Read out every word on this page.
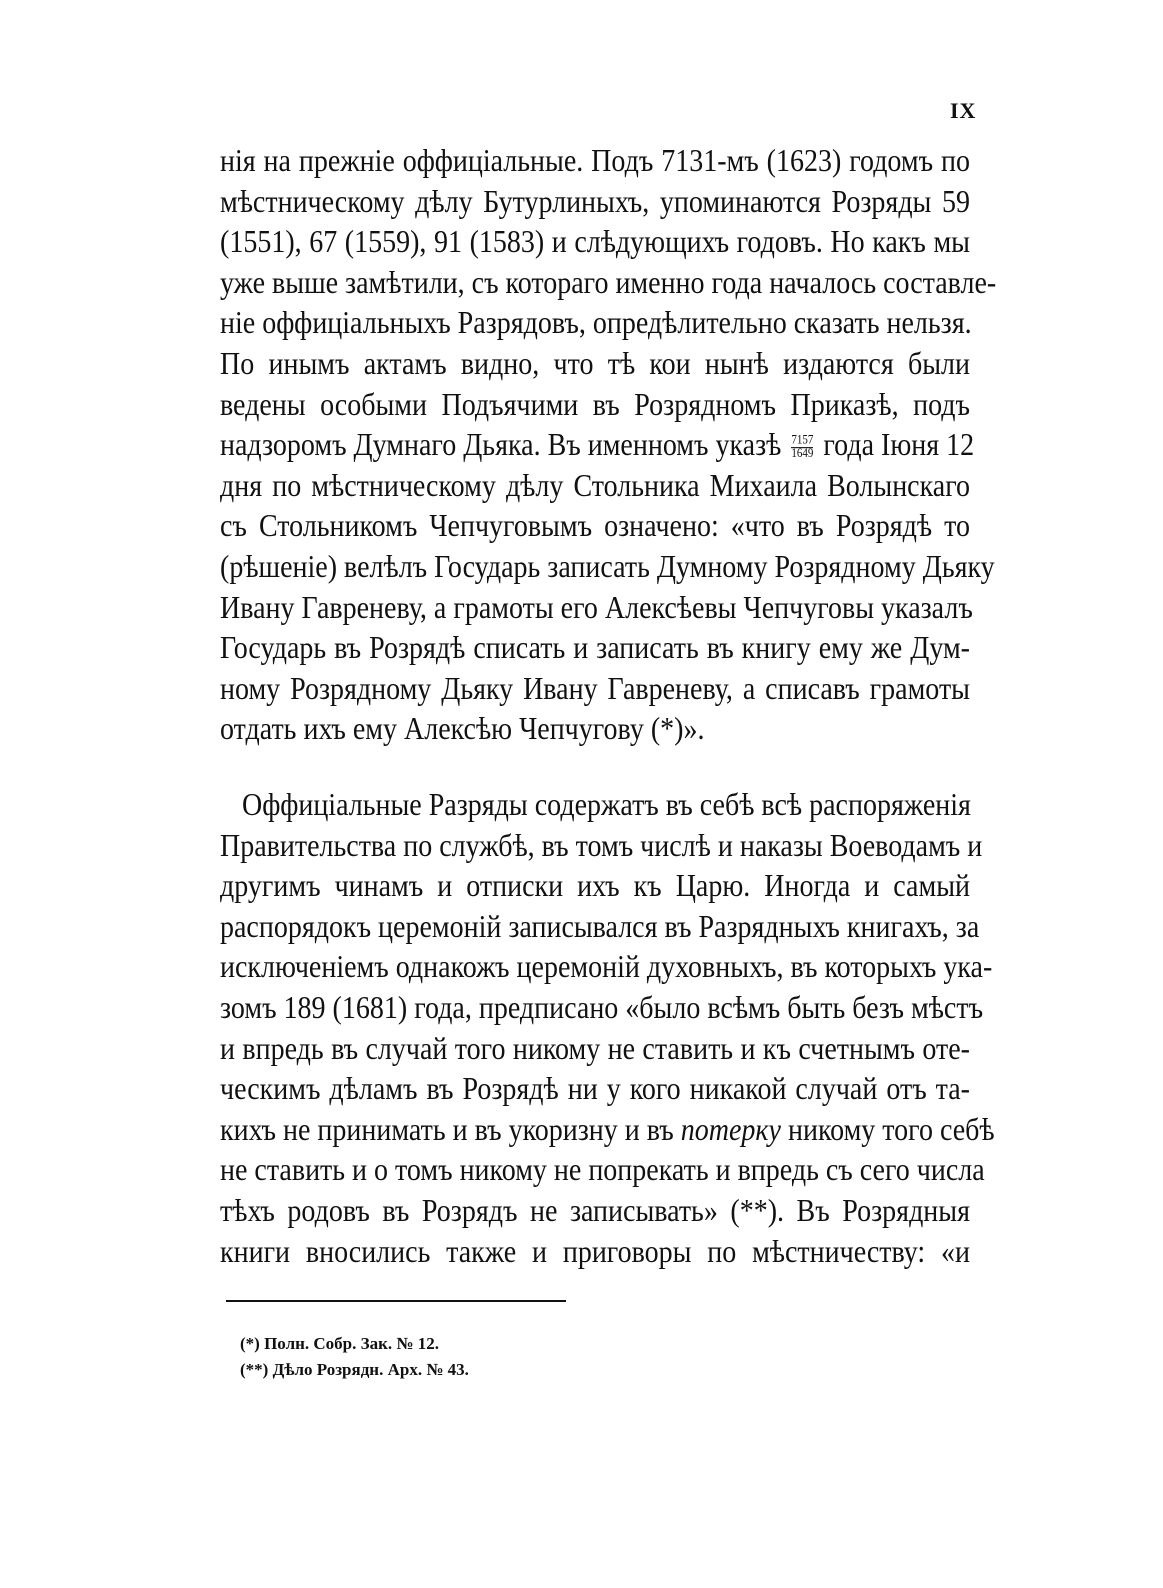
IX
нія на прежніе оффиціальные. Подъ 7131-мъ (1623) годомъ по
мѣстническому дѣлу Бутурлиныхъ, упоминаются Розряды 59
(1551), 67 (1559), 91 (1583) и слѣдующихъ годовъ. Но какъ мы
уже выше замѣтили, съ котораго именно года началось составле-
ніе оффиціальныхъ Разрядовъ, опредѣлительно сказать нельзя.
По инымъ актамъ видно, что тѣ кои нынѣ издаются были
ведены особыми Подъячими въ Розрядномъ Приказѣ, подъ
надзоромъ Думнаго Дьяка. Въ именномъ указѣ $\frac{7157}{1649}$ года Іюня 12
дня по мѣстническому дѣлу Стольника Михаила Волынскаго
съ Стольникомъ Чепчуговымъ означено: «что въ Розрядѣ то
(рѣшеніе) велѣлъ Государь записать Думному Розрядному Дьяку
Ивану Гавреневу, а грамоты его Алексѣевы Чепчуговы указалъ
Государь въ Розрядѣ списать и записать въ книгу ему же Дум-
ному Розрядному Дьяку Ивану Гавреневу, а списавъ грамоты
отдать ихъ ему Алексѣю Чепчугову (*)».
Оффиціальные Разряды содержатъ въ себѣ всѣ распоряженія
Правительства по службѣ, въ томъ числѣ и наказы Воеводамъ и
другимъ чинамъ и отписки ихъ къ Царю. Иногда и самый
распорядокъ церемоній записывался въ Разрядныхъ книгахъ, за
исключеніемъ однакожъ церемоній духовныхъ, въ которыхъ ука-
зомъ 189 (1681) года, предписано «было всѣмъ быть безъ мѣстъ
и впредь въ случай того никому не ставить и къ счетнымъ оте-
ческимъ дѣламъ въ Розрядѣ ни у кого никакой случай отъ та-
кихъ не принимать и въ укоризну и въ потерку никому того себѣ
не ставить и о томъ никому не попрекать и впредь съ сего числа
тѣхъ родовъ въ Розрядъ не записывать» (**). Въ Розрядныя
книги вносились также и приговоры по мѣстничеству: «и
(*) Полн. Собр. Зак. № 12.
(**) Дѣло Розрядн. Арх. № 43.
